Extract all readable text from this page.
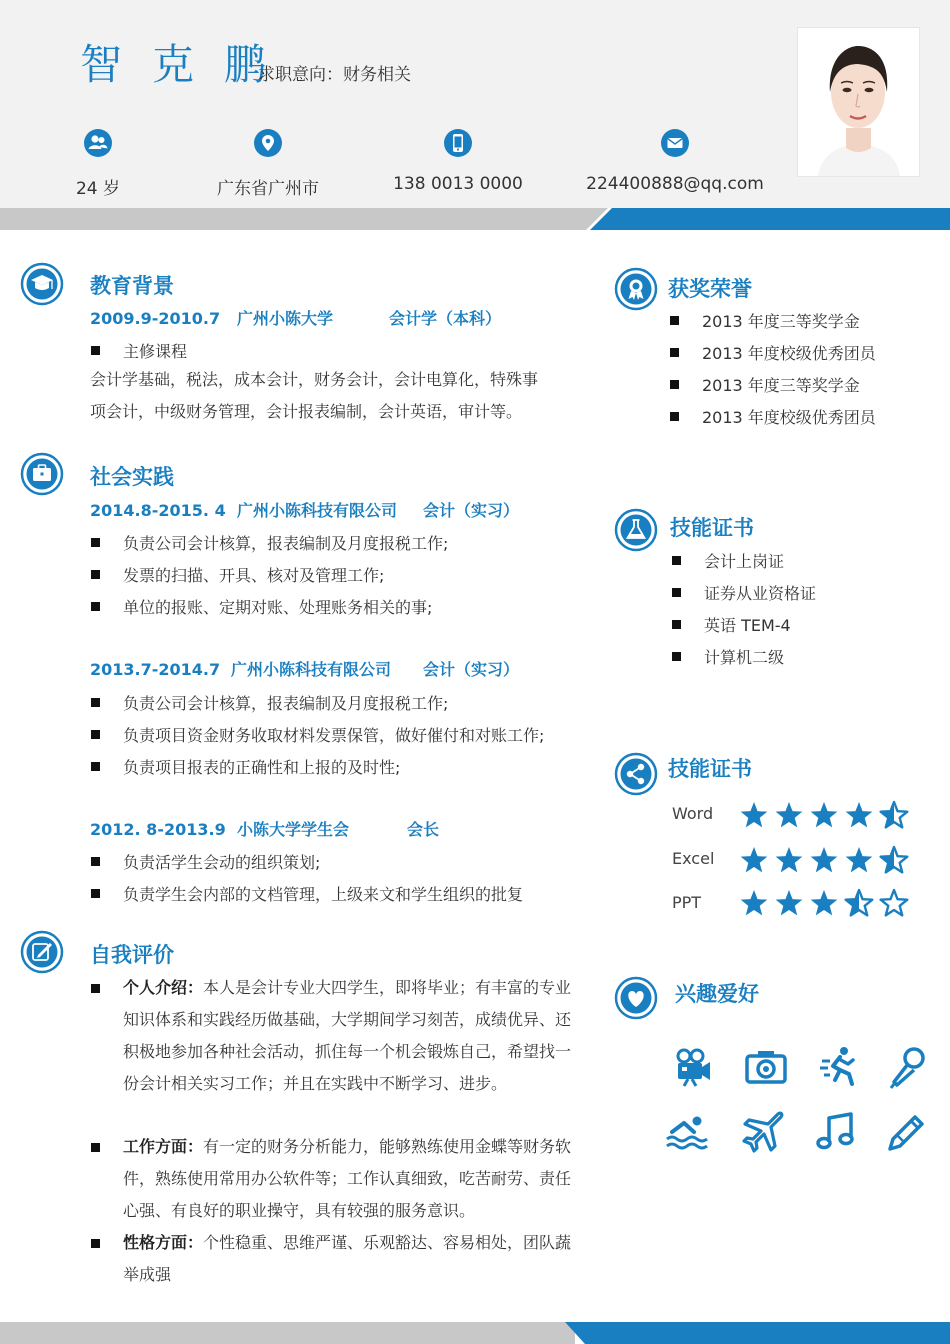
智克鹏
求职意向：财务相关
24 岁	广东省广州市	138 0013 0000	224400888@qq.com
教育背景
2009.9-2010.7 广州小陈大学	会计学（本科）
主修课程
会计学基础，税法，成本会计，财务会计，会计电算化，特殊事
项会计，中级财务管理，会计报表编制，会计英语，审计等。
社会实践
2014.8-2015. 4 广州小陈科技有限公司 会计（实习）
负责公司会计核算，报表编制及月度报税工作;
发票的扫描、开具、核对及管理工作;
单位的报账、定期对账、处理账务相关的事;
2013.7-2014.7 广州小陈科技有限公司 会计（实习）
负责公司会计核算，报表编制及月度报税工作;
负责项目资金财务收取材料发票保管，做好催付和对账工作;
负责项目报表的正确性和上报的及时性;
2012. 8-2013.9 小陈大学学生会	会长
负责活学生会动的组织策划;
负责学生会内部的文档管理，上级来文和学生组织的批复
自我评价
个人介绍：本人是会计专业大四学生，即将毕业；有丰富的专业知识体系和实践经历做基础，大学期间学习刻苦，成绩优异、还积极地参加各种社会活动，抓住每一个机会锻炼自己，希望找一份会计相关实习工作；并且在实践中不断学习、进步。
工作方面：有一定的财务分析能力，能够熟练使用金蝶等财务软件，熟练使用常用办公软件等；工作认真细致，吃苦耐劳、责任心强、有良好的职业操守，具有较强的服务意识。
性格方面：个性稳重、思维严谨、乐观豁达、容易相处，团队蔬举成强
获奖荣誉
2013 年度三等奖学金
2013 年度校级优秀团员
2013 年度三等奖学金
2013 年度校级优秀团员
技能证书
会计上岗证
证券从业资格证
英语 TEM-4
计算机二级
技能证书
Word
Excel
PPT
兴趣爱好
